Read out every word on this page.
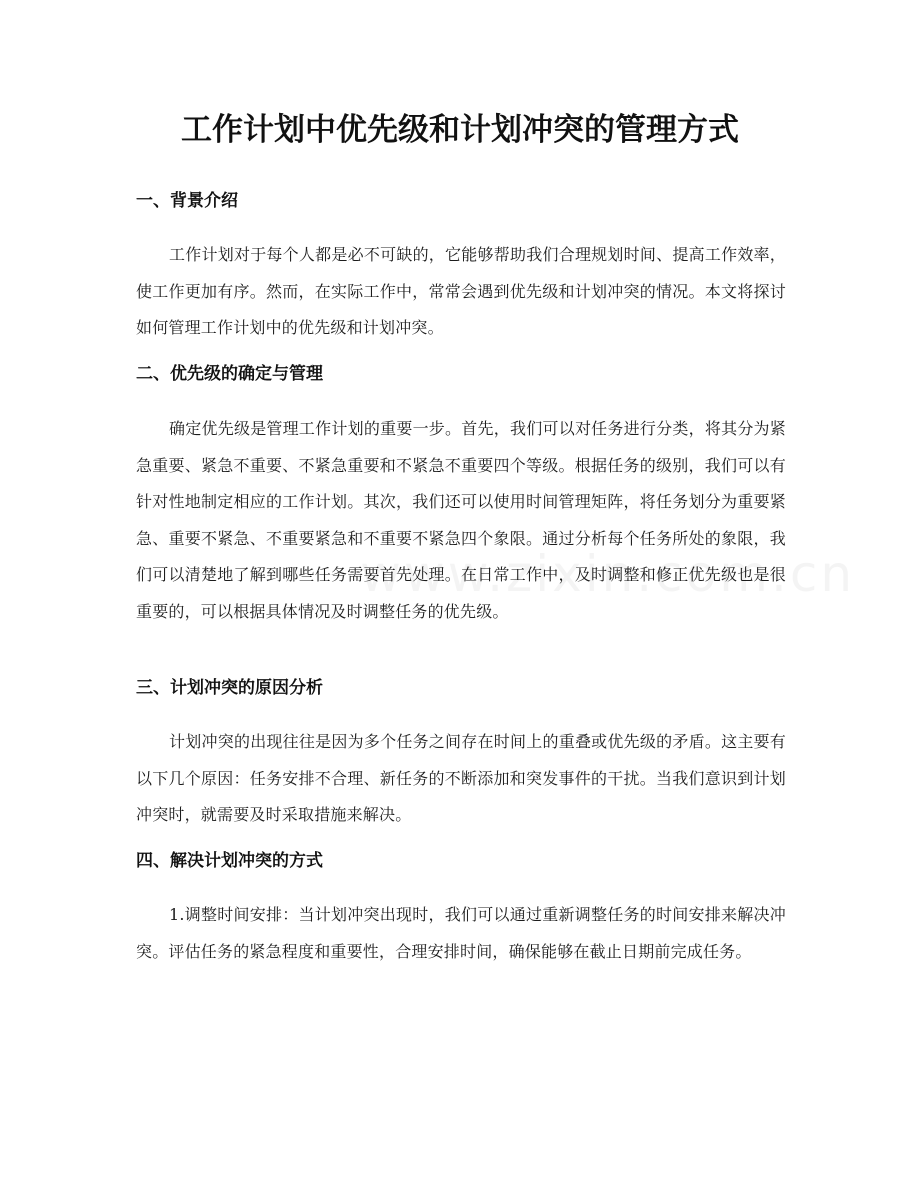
工作计划中优先级和计划冲突的管理方式
一、背景介绍

工作计划对于每个人都是必不可缺的，它能够帮助我们合理规划时间、提高工作效率，使工作更加有序。然而，在实际工作中，常常会遇到优先级和计划冲突的情况。本文将探讨如何管理工作计划中的优先级和计划冲突。

二、优先级的确定与管理

确定优先级是管理工作计划的重要一步。首先，我们可以对任务进行分类，将其分为紧急重要、紧急不重要、不紧急重要和不紧急不重要四个等级。根据任务的级别，我们可以有针对性地制定相应的工作计划。其次，我们还可以使用时间管理矩阵，将任务划分为重要紧急、重要不紧急、不重要紧急和不重要不紧急四个象限。通过分析每个任务所处的象限，我们可以清楚地了解到哪些任务需要首先处理。在日常工作中，及时调整和修正优先级也是很重要的，可以根据具体情况及时调整任务的优先级。

三、计划冲突的原因分析

计划冲突的出现往往是因为多个任务之间存在时间上的重叠或优先级的矛盾。这主要有以下几个原因：任务安排不合理、新任务的不断添加和突发事件的干扰。当我们意识到计划冲突时，就需要及时采取措施来解决。

四、解决计划冲突的方式

1.调整时间安排：当计划冲突出现时，我们可以通过重新调整任务的时间安排来解决冲突。评估任务的紧急程度和重要性，合理安排时间，确保能够在截止日期前完成任务。
